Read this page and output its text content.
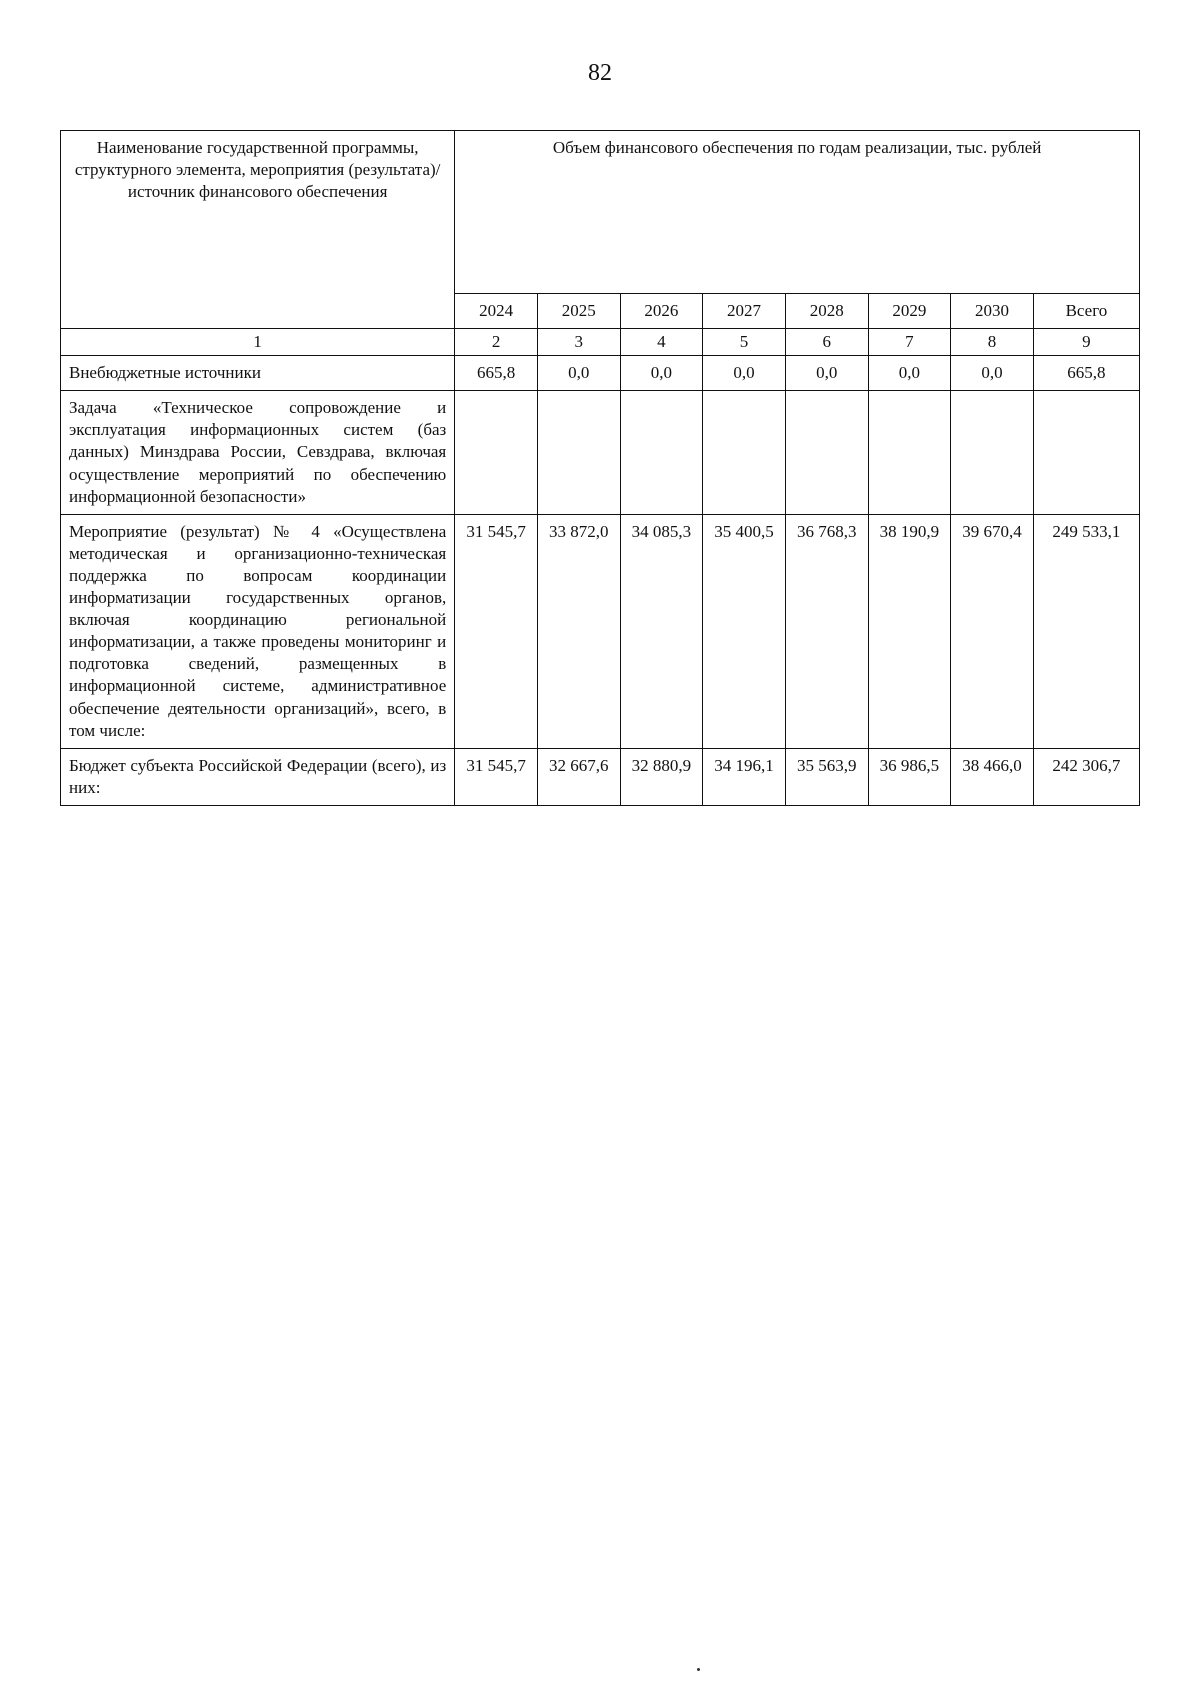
82
Наименование государственной программы, структурного элемента, мероприятия (результата)/источник финансового обеспечения	Объем финансового обеспечения по годам реализации, тыс. рублей							
	2024	2025	2026	2027	2028	2029	2030	Всего
1	2	3	4	5	6	7	8	9
Внебюджетные источники	665,8	0,0	0,0	0,0	0,0	0,0	0,0	665,8
Задача «Техническое сопровождение и эксплуатация информационных систем (баз данных) Минздрава России, Севздрава, включая осуществление мероприятий по обеспечению информационной безопасности»								
Мероприятие (результат) № 4 «Осуществлена методическая и организационно-техническая поддержка по вопросам координации информатизации государственных органов, включая координацию региональной информатизации, а также проведены мониторинг и подготовка сведений, размещенных в информационной системе, административное обеспечение деятельности организаций», всего, в том числе:	31 545,7	33 872,0	34 085,3	35 400,5	36 768,3	38 190,9	39 670,4	249 533,1
Бюджет субъекта Российской Федерации (всего), из них:	31 545,7	32 667,6	32 880,9	34 196,1	35 563,9	36 986,5	38 466,0	242 306,7
